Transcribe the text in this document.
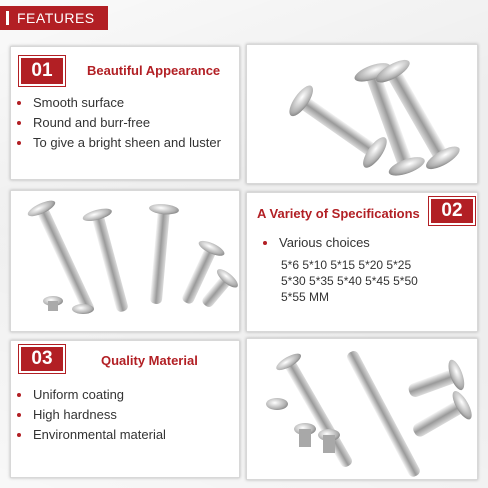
FEATURES
01	Beautiful Appearance
Smooth surface
Round and burr-free
To give a bright sheen and luster
A Variety of Specifications	02
Various choices
5*6 5*10 5*15 5*20 5*25
5*30 5*35 5*40 5*45 5*50
5*55 MM
03	Quality Material
Uniform coating
High hardness
Environmental material
